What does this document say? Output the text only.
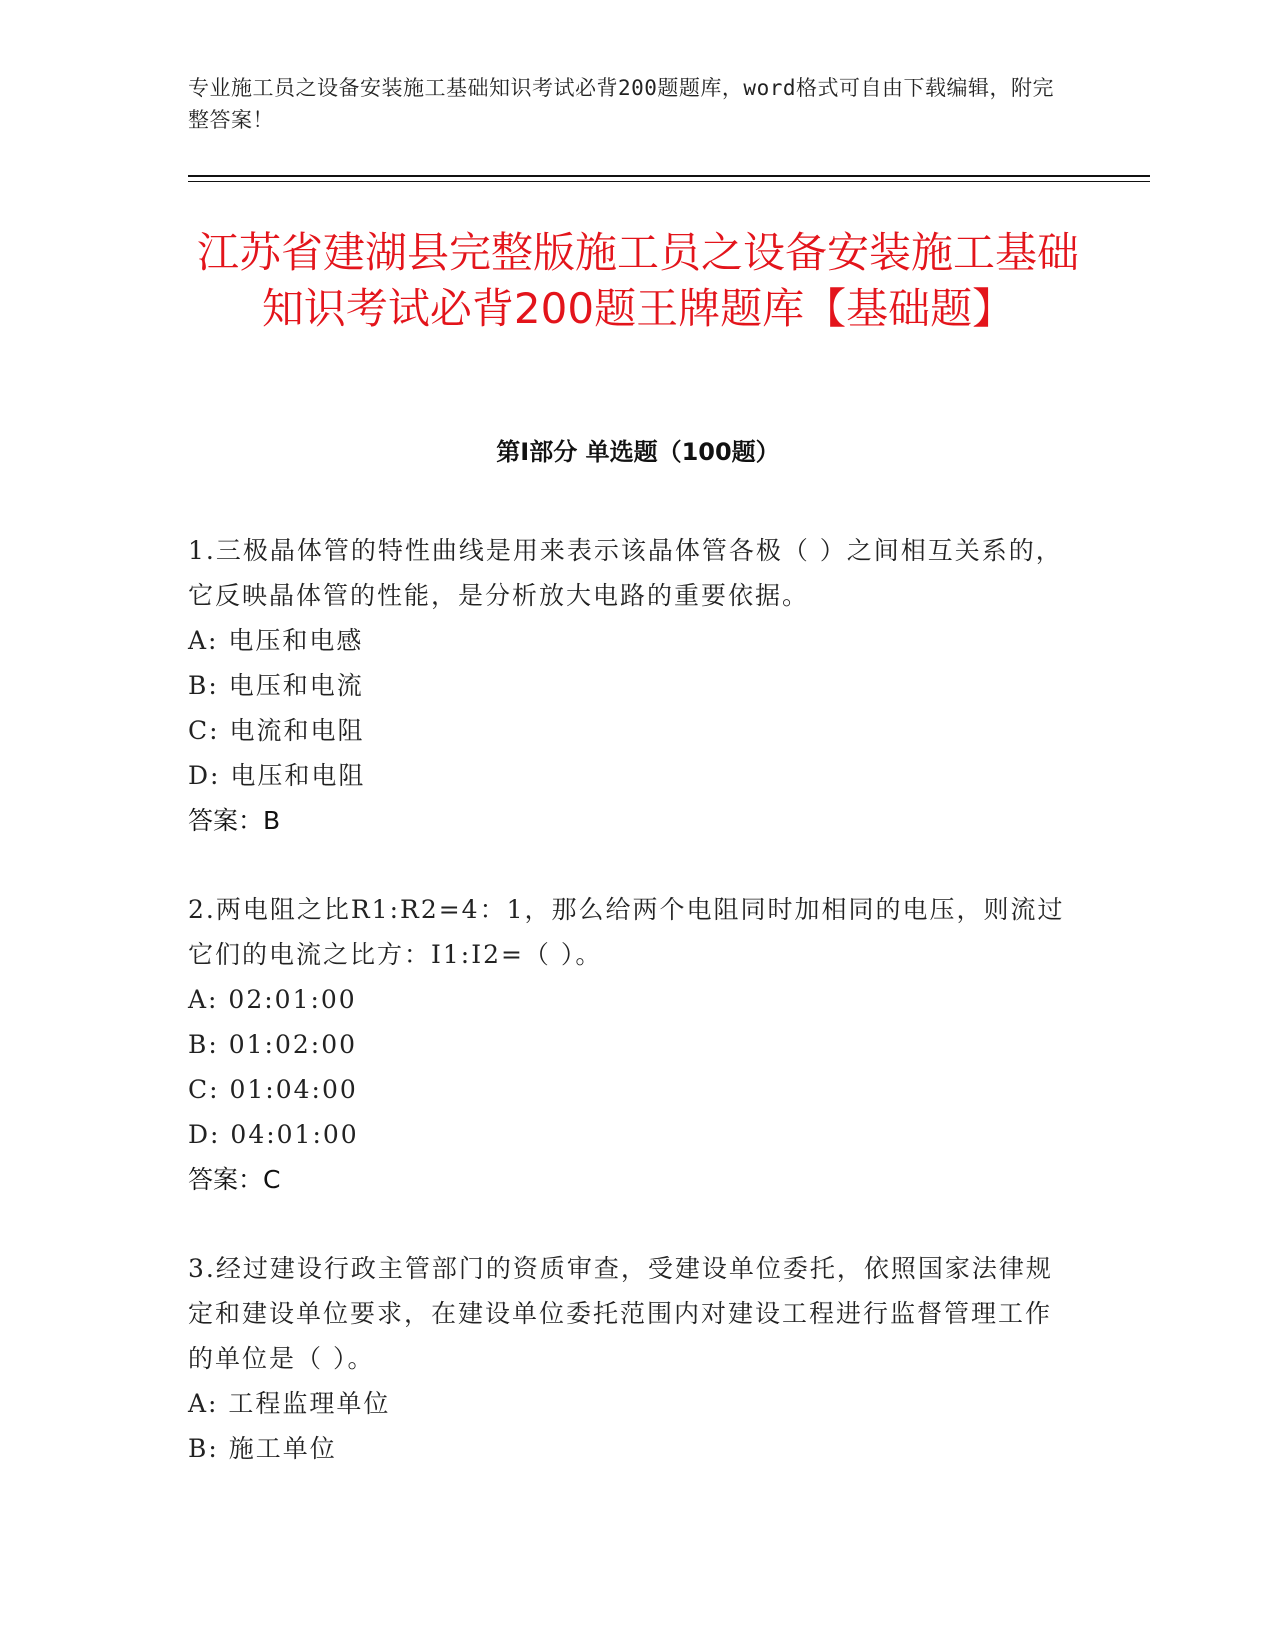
专业施工员之设备安装施工基础知识考试必背200题题库，word格式可自由下载编辑，附完整答案！
江苏省建湖县完整版施工员之设备安装施工基础知识考试必背200题王牌题库【基础题】
第I部分 单选题（100题）

1.三极晶体管的特性曲线是用来表示该晶体管各极（ ）之间相互关系的，它反映晶体管的性能，是分析放大电路的重要依据。

A: 电压和电感

B: 电压和电流

C: 电流和电阻

D: 电压和电阻

答案：B

2.两电阻之比R1:R2=4：1，那么给两个电阻同时加相同的电压，则流过它们的电流之比方：I1:I2=（ ）。

A: 02:01:00

B: 01:02:00

C: 01:04:00

D: 04:01:00

答案：C

3.经过建设行政主管部门的资质审查，受建设单位委托，依照国家法律规定和建设单位要求，在建设单位委托范围内对建设工程进行监督管理工作的单位是（ ）。

A: 工程监理单位

B: 施工单位
